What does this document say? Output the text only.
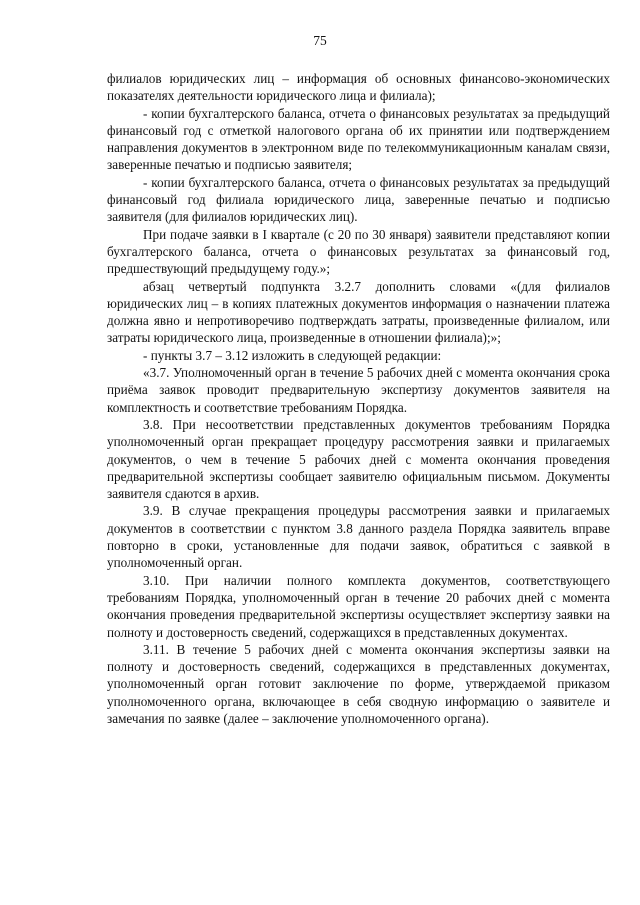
75

филиалов юридических лиц – информация об основных финансово-экономических показателях деятельности юридического лица и филиала);

- копии бухгалтерского баланса, отчета о финансовых результатах за предыдущий финансовый год с отметкой налогового органа об их принятии или подтверждением направления документов в электронном виде по телекоммуникационным каналам связи, заверенные печатью и подписью заявителя;

- копии бухгалтерского баланса, отчета о финансовых результатах за предыдущий финансовый год филиала юридического лица, заверенные печатью и подписью заявителя (для филиалов юридических лиц).

При подаче заявки в I квартале (с 20 по 30 января) заявители представляют копии бухгалтерского баланса, отчета о финансовых результатах за финансовый год, предшествующий предыдущему году.»;

абзац четвертый подпункта 3.2.7 дополнить словами «(для филиалов юридических лиц – в копиях платежных документов информация о назначении платежа должна явно и непротиворечиво подтверждать затраты, произведенные филиалом, или затраты юридического лица, произведенные в отношении филиала);»;

- пункты 3.7 – 3.12 изложить в следующей редакции:

«3.7. Уполномоченный орган в течение 5 рабочих дней с момента окончания срока приёма заявок проводит предварительную экспертизу документов заявителя на комплектность и соответствие требованиям Порядка.

3.8. При несоответствии представленных документов требованиям Порядка уполномоченный орган прекращает процедуру рассмотрения заявки и прилагаемых документов, о чем в течение 5 рабочих дней с момента окончания проведения предварительной экспертизы сообщает заявителю официальным письмом. Документы заявителя сдаются в архив.

3.9. В случае прекращения процедуры рассмотрения заявки и прилагаемых документов в соответствии с пунктом 3.8 данного раздела Порядка заявитель вправе повторно в сроки, установленные для подачи заявок, обратиться с заявкой в уполномоченный орган.

3.10. При наличии полного комплекта документов, соответствующего требованиям Порядка, уполномоченный орган в течение 20 рабочих дней с момента окончания проведения предварительной экспертизы осуществляет экспертизу заявки на полноту и достоверность сведений, содержащихся в представленных документах.

3.11. В течение 5 рабочих дней с момента окончания экспертизы заявки на полноту и достоверность сведений, содержащихся в представленных документах, уполномоченный орган готовит заключение по форме, утверждаемой приказом уполномоченного органа, включающее в себя сводную информацию о заявителе и замечания по заявке (далее – заключение уполномоченного органа).
